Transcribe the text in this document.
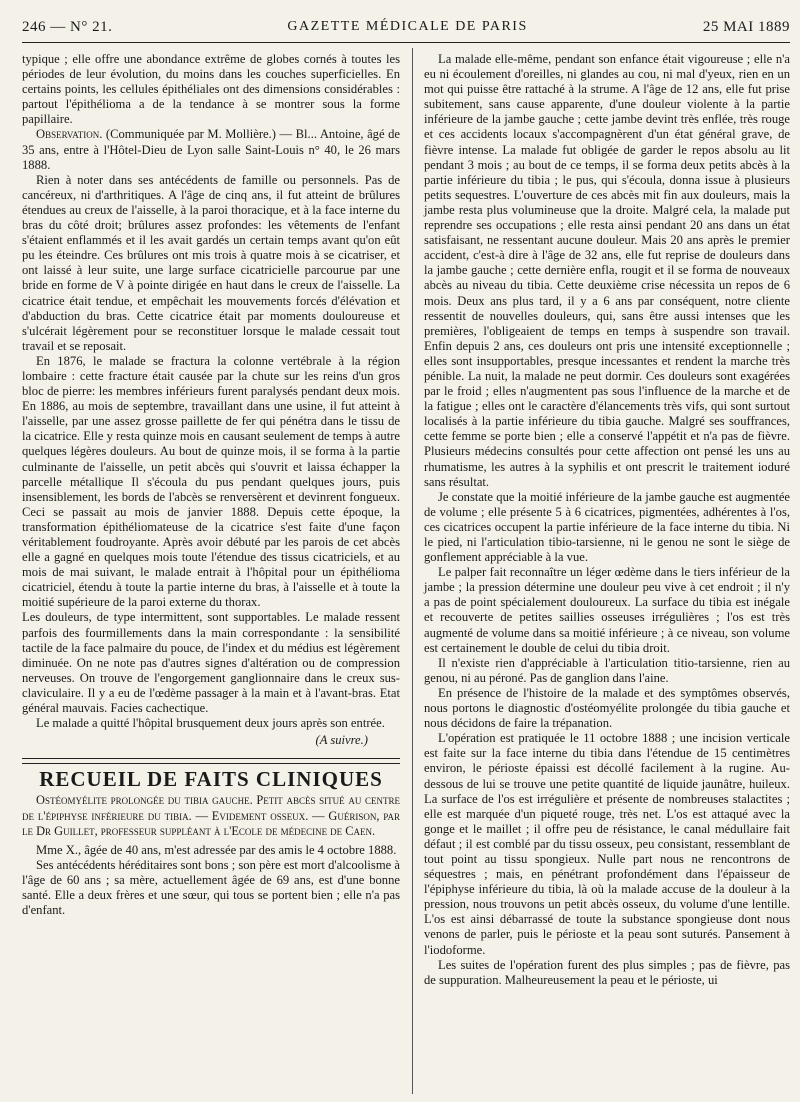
246 — N° 21.	GAZETTE MÉDICALE DE PARIS	25 MAI 1889

typique ; elle offre une abondance extrême de globes cornés à toutes les périodes de leur évolution, du moins dans les couches superficielles. En certains points, les cellules épithéliales ont des dimensions considérables : partout l'épithélioma a de la tendance à se montrer sous la forme papillaire.

Observation. (Communiquée par M. Mollière.) — Bl... Antoine, âgé de 35 ans, entre à l'Hôtel-Dieu de Lyon salle Saint-Louis n° 40, le 26 mars 1888.

Rien à noter dans ses antécédents de famille ou personnels. Pas de cancéreux, ni d'arthritiques. A l'âge de cinq ans, il fut atteint de brûlures étendues au creux de l'aisselle, à la paroi thoracique, et à la face interne du bras du côté droit; brûlures assez profondes: les vêtements de l'enfant s'étaient enflammés et il les avait gardés un certain temps avant qu'on eût pu les éteindre. Ces brûlures ont mis trois à quatre mois à se cicatriser, et ont laissé à leur suite, une large surface cicatricielle parcourue par une bride en forme de V à pointe dirigée en haut dans le creux de l'aisselle. La cicatrice était tendue, et empêchait les mouvements forcés d'élévation et d'abduction du bras. Cette cicatrice était par moments douloureuse et s'ulcérait légèrement pour se reconstituer lorsque le malade cessait tout travail et se reposait.

En 1876, le malade se fractura la colonne vertébrale à la région lombaire : cette fracture était causée par la chute sur les reins d'un gros bloc de pierre: les membres inférieurs furent paralysés pendant deux mois. En 1886, au mois de septembre, travaillant dans une usine, il fut atteint à l'aisselle, par une assez grosse paillette de fer qui pénétra dans le tissu de la cicatrice. Elle y resta quinze mois en causant seulement de temps à autre quelques légères douleurs. Au bout de quinze mois, il se forma à la partie culminante de l'aisselle, un petit abcès qui s'ouvrit et laissa échapper la parcelle métallique Il s'écoula du pus pendant quelques jours, puis insensiblement, les bords de l'abcès se renversèrent et devinrent fongueux. Ceci se passait au mois de janvier 1888. Depuis cette époque, la transformation épithéliomateuse de la cicatrice s'est faite d'une façon véritablement foudroyante. Après avoir débuté par les parois de cet abcès elle a gagné en quelques mois toute l'étendue des tissus cicatriciels, et au mois de mai suivant, le malade entrait à l'hôpital pour un épithélioma cicatriciel, étendu à toute la partie interne du bras, à l'aisselle et à toute la moitié supérieure de la paroi externe du thorax.

Les douleurs, de type intermittent, sont supportables. Le malade ressent parfois des fourmillements dans la main correspondante : la sensibilité tactile de la face palmaire du pouce, de l'index et du médius est légèrement diminuée. On ne note pas d'autres signes d'altération ou de compression nerveuses. On trouve de l'engorgement ganglionnaire dans le creux sus-claviculaire. Il y a eu de l'œdème passager à la main et à l'avant-bras. Etat général mauvais. Facies cachectique.

Le malade a quitté l'hôpital brusquement deux jours après son entrée.

(A suivre.)

RECUEIL DE FAITS CLINIQUES

Ostéomyélite prolongée du tibia gauche. Petit abcès situé au centre de l'épiphyse inférieure du tibia. — Evidement osseux. — Guérison, par le Dr Guillet, professeur suppléant à l'Ecole de médecine de Caen.

Mme X., âgée de 40 ans, m'est adressée par des amis le 4 octobre 1888.

Ses antécédents héréditaires sont bons ; son père est mort d'alcoolisme à l'âge de 60 ans ; sa mère, actuellement âgée de 69 ans, est d'une bonne santé. Elle a deux frères et une sœur, qui tous se portent bien ; elle n'a pas d'enfant.

La malade elle-même, pendant son enfance était vigoureuse ; elle n'a eu ni écoulement d'oreilles, ni glandes au cou, ni mal d'yeux, rien en un mot qui puisse être rattaché à la strume. A l'âge de 12 ans, elle fut prise subitement, sans cause apparente, d'une douleur violente à la partie inférieure de la jambe gauche ; cette jambe devint très enflée, très rouge et ces accidents locaux s'accompagnèrent d'un état général grave, de fièvre intense. La malade fut obligée de garder le repos absolu au lit pendant 3 mois ; au bout de ce temps, il se forma deux petits abcès à la partie inférieure du tibia ; le pus, qui s'écoula, donna issue à plusieurs petits sequestres. L'ouverture de ces abcès mit fin aux douleurs, mais la jambe resta plus volumineuse que la droite. Malgré cela, la malade put reprendre ses occupations ; elle resta ainsi pendant 20 ans dans un état satisfaisant, ne ressentant aucune douleur. Mais 20 ans après le premier accident, c'est-à dire à l'âge de 32 ans, elle fut reprise de douleurs dans la jambe gauche ; cette dernière enfla, rougit et il se forma de nouveaux abcès au niveau du tibia. Cette deuxième crise nécessita un repos de 6 mois. Deux ans plus tard, il y a 6 ans par conséquent, notre cliente ressentit de nouvelles douleurs, qui, sans être aussi intenses que les premières, l'obligeaient de temps en temps à suspendre son travail. Enfin depuis 2 ans, ces douleurs ont pris une intensité exceptionnelle ; elles sont insupportables, presque incessantes et rendent la marche très pénible. La nuit, la malade ne peut dormir. Ces douleurs sont exagérées par le froid ; elles n'augmentent pas sous l'influence de la marche et de la fatigue ; elles ont le caractère d'élancements très vifs, qui sont surtout localisés à la partie inférieure du tibia gauche. Malgré ses souffrances, cette femme se porte bien ; elle a conservé l'appétit et n'a pas de fièvre. Plusieurs médecins consultés pour cette affection ont pensé les uns au rhumatisme, les autres à la syphilis et ont prescrit le traitement ioduré sans résultat.

Je constate que la moitié inférieure de la jambe gauche est augmentée de volume ; elle présente 5 à 6 cicatrices, pigmentées, adhérentes à l'os, ces cicatrices occupent la partie inférieure de la face interne du tibia. Ni le pied, ni l'articulation tibio-tarsienne, ni le genou ne sont le siège de gonflement appréciable à la vue.

Le palper fait reconnaître un léger œdème dans le tiers inférieur de la jambe ; la pression détermine une douleur peu vive à cet endroit ; il n'y a pas de point spécialement douloureux. La surface du tibia est inégale et recouverte de petites saillies osseuses irrégulières ; l'os est très augmenté de volume dans sa moitié inférieure ; à ce niveau, son volume est certainement le double de celui du tibia droit.

Il n'existe rien d'appréciable à l'articulation titio-tarsienne, rien au genou, ni au péroné. Pas de ganglion dans l'aine.

En présence de l'histoire de la malade et des symptômes observés, nous portons le diagnostic d'ostéomyélite prolongée du tibia gauche et nous décidons de faire la trépanation.

L'opération est pratiquée le 11 octobre 1888 ; une incision verticale est faite sur la face interne du tibia dans l'étendue de 15 centimètres environ, le périoste épaissi est décollé facilement à la rugine. Au-dessous de lui se trouve une petite quantité de liquide jaunâtre, huileux. La surface de l'os est irrégulière et présente de nombreuses stalactites ; elle est marquée d'un piqueté rouge, très net. L'os est attaqué avec la gonge et le maillet ; il offre peu de résistance, le canal médullaire fait défaut ; il est comblé par du tissu osseux, peu consistant, ressemblant de tout point au tissu spongieux. Nulle part nous ne rencontrons de séquestres ; mais, en pénétrant profondément dans l'épaisseur de l'épiphyse inférieure du tibia, là où la malade accuse de la douleur à la pression, nous trouvons un petit abcès osseux, du volume d'une lentille. L'os est ainsi débarrassé de toute la substance spongieuse dont nous venons de parler, puis le périoste et la peau sont suturés. Pansement à l'iodoforme.

Les suites de l'opération furent des plus simples ; pas de fièvre, pas de suppuration. Malheureusement la peau et le périoste, ui
